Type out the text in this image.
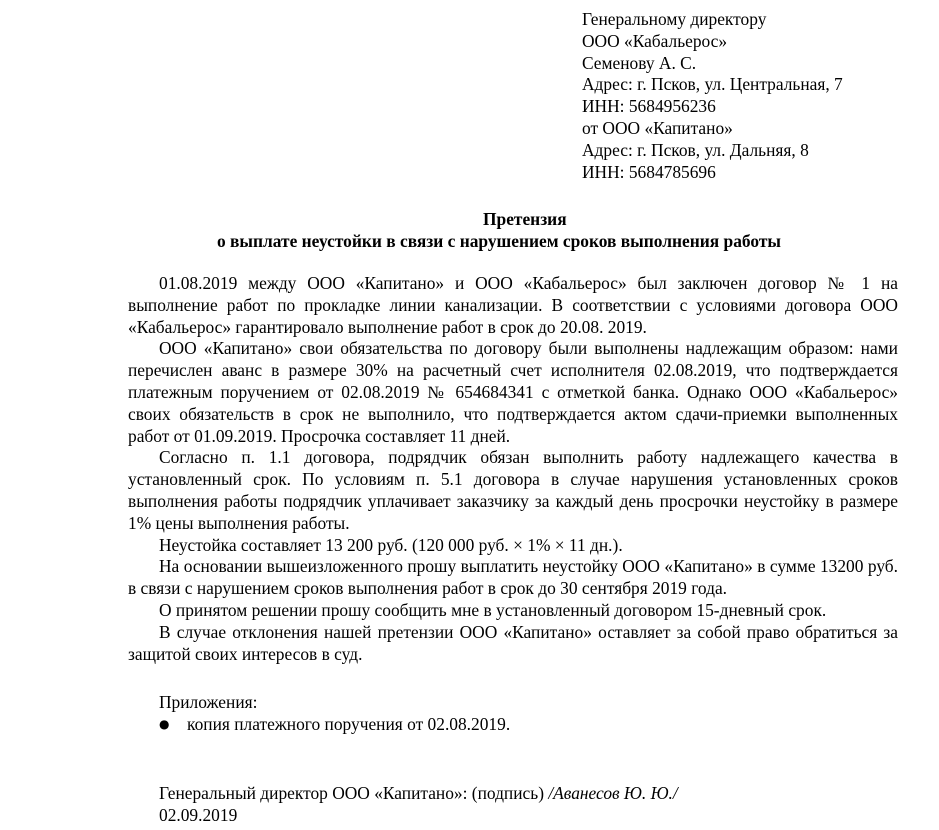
Генеральному директору
ООО «Кабальерос»
Семенову А. С.
Адрес: г. Псков, ул. Центральная, 7
ИНН: 5684956236
от ООО «Капитано»
Адрес: г. Псков, ул. Дальняя, 8
ИНН: 5684785696
Претензия
о выплате неустойки в связи с нарушением сроков выполнения работы

01.08.2019 между ООО «Капитано» и ООО «Кабальерос» был заключен договор № 1 на выполнение работ по прокладке линии канализации. В соответствии с условиями договора ООО «Кабальерос» гарантировало выполнение работ в срок до 20.08. 2019.

ООО «Капитано» свои обязательства по договору были выполнены надлежащим образом: нами перечислен аванс в размере 30% на расчетный счет исполнителя 02.08.2019, что подтверждается платежным поручением от 02.08.2019 № 654684341 с отметкой банка. Однако ООО «Кабальерос» своих обязательств в срок не выполнило, что подтверждается актом сдачи-приемки выполненных работ от 01.09.2019. Просрочка составляет 11 дней.

Согласно п. 1.1 договора, подрядчик обязан выполнить работу надлежащего качества в установленный срок. По условиям п. 5.1 договора в случае нарушения установленных сроков выполнения работы подрядчик уплачивает заказчику за каждый день просрочки неустойку в размере 1% цены выполнения работы.

Неустойка составляет 13 200 руб. (120 000 руб. × 1% × 11 дн.).

На основании вышеизложенного прошу выплатить неустойку ООО «Капитано» в сумме 13200 руб. в связи с нарушением сроков выполнения работ в срок до 30 сентября 2019 года.

О принятом решении прошу сообщить мне в установленный договором 15-дневный срок.

В случае отклонения нашей претензии ООО «Капитано» оставляет за собой право обратиться за защитой своих интересов в суд.

Приложения:
● копия платежного поручения от 02.08.2019.
Генеральный директор ООО «Капитано»: (подпись) /Аванесов Ю. Ю./
02.09.2019
